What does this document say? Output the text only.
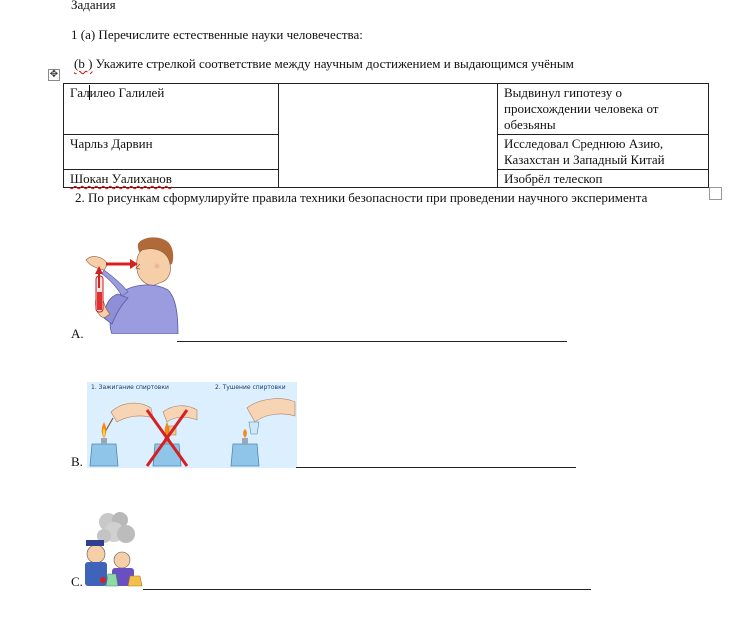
Задания
1 (а) Перечислите естественные науки человечества:
✥
(b ) Укажите стрелкой соответствие между научным достижением и выдающимся учёным
Галилео Галилей		Выдвинул гипотезу о происхождении человека от обезьяны
Чарльз Дарвин		Исследовал Среднюю Азию, Казахстан и Западный Китай
Шокан Уалиханов		Изобрёл телескоп
2. По рисункам сформулируйте правила техники безопасности при проведении научного эксперимента
А.
1. Зажигание спиртовки	2. Тушение спиртовки
В.
С.
